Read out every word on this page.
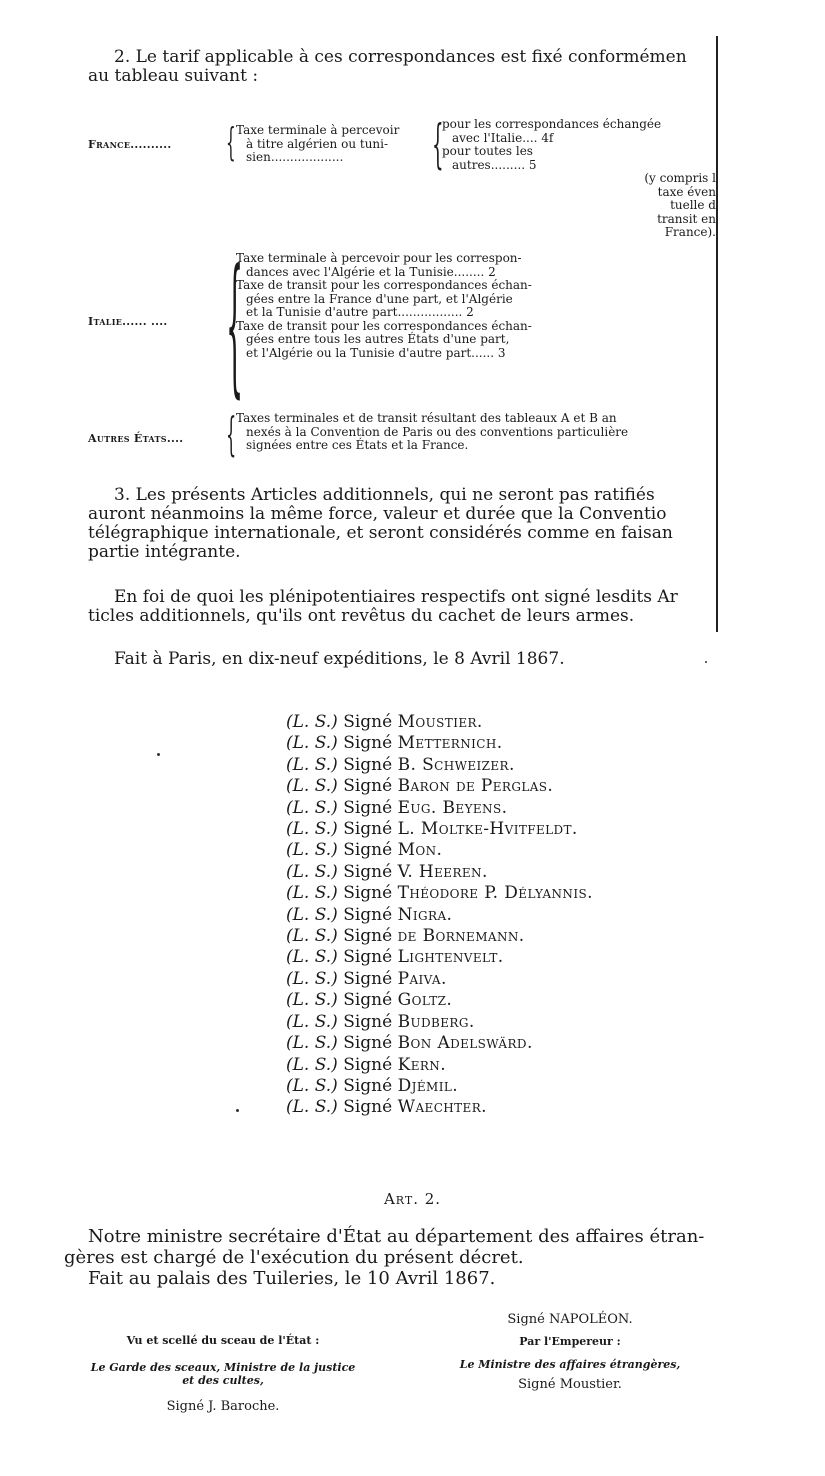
2. Le tarif applicable à ces correspondances est fixé conformémen
au tableau suivant :
France.......... { Taxe terminale à percevoir
à titre algérien ou tuni-
sien...................	{
pour les correspondances échangée
avec l'Italie.... 4f
pour toutes les
autres......... 5
(y compris l
taxe éven
tuelle d
transit en
France).
Italie...... .... {
Taxe terminale à percevoir pour les correspon-
dances avec l'Algérie et la Tunisie........ 2
Taxe de transit pour les correspondances échan-
gées entre la France d'une part, et l'Algérie
et la Tunisie d'autre part................. 2
Taxe de transit pour les correspondances échan-
gées entre tous les autres États d'une part,
et l'Algérie ou la Tunisie d'autre part...... 3
Autres États.... { Taxes terminales et de transit résultant des tableaux A et B an
nexés à la Convention de Paris ou des conventions particulière
signées entre ces États et la France.
3. Les présents Articles additionnels, qui ne seront pas ratifiés
auront néanmoins la même force, valeur et durée que la Conventio
télégraphique internationale, et seront considérés comme en faisan
partie intégrante.
En foi de quoi les plénipotentiaires respectifs ont signé lesdits Ar
ticles additionnels, qu'ils ont revêtus du cachet de leurs armes.
Fait à Paris, en dix-neuf expéditions, le 8 Avril 1867.
(L. S.) Signé Moustier.
(L. S.) Signé Metternich.
(L. S.) Signé B. Schweizer.
(L. S.) Signé Baron de Perglas.
(L. S.) Signé Eug. Beyens.
(L. S.) Signé L. Moltke-Hvitfeldt.
(L. S.) Signé Mon.
(L. S.) Signé V. Heeren.
(L. S.) Signé Théodore P. Délyannis.
(L. S.) Signé Nigra.
(L. S.) Signé de Bornemann.
(L. S.) Signé Lightenvelt.
(L. S.) Signé Paiva.
(L. S.) Signé Goltz.
(L. S.) Signé Budberg.
(L. S.) Signé Bon Adelswärd.
(L. S.) Signé Kern.
(L. S.) Signé Djémil.
(L. S.) Signé Waechter.
Art. 2.
Notre ministre secrétaire d'État au département des affaires étran-
gères est chargé de l'exécution du présent décret.
Fait au palais des Tuileries, le 10 Avril 1867.
Vu et scellé du sceau de l'État :
Le Garde des sceaux, Ministre de la justice
et des cultes,
Signé J. Baroche.
Signé NAPOLÉON.
Par l'Empereur :
Le Ministre des affaires étrangères,
Signé Moustier.
